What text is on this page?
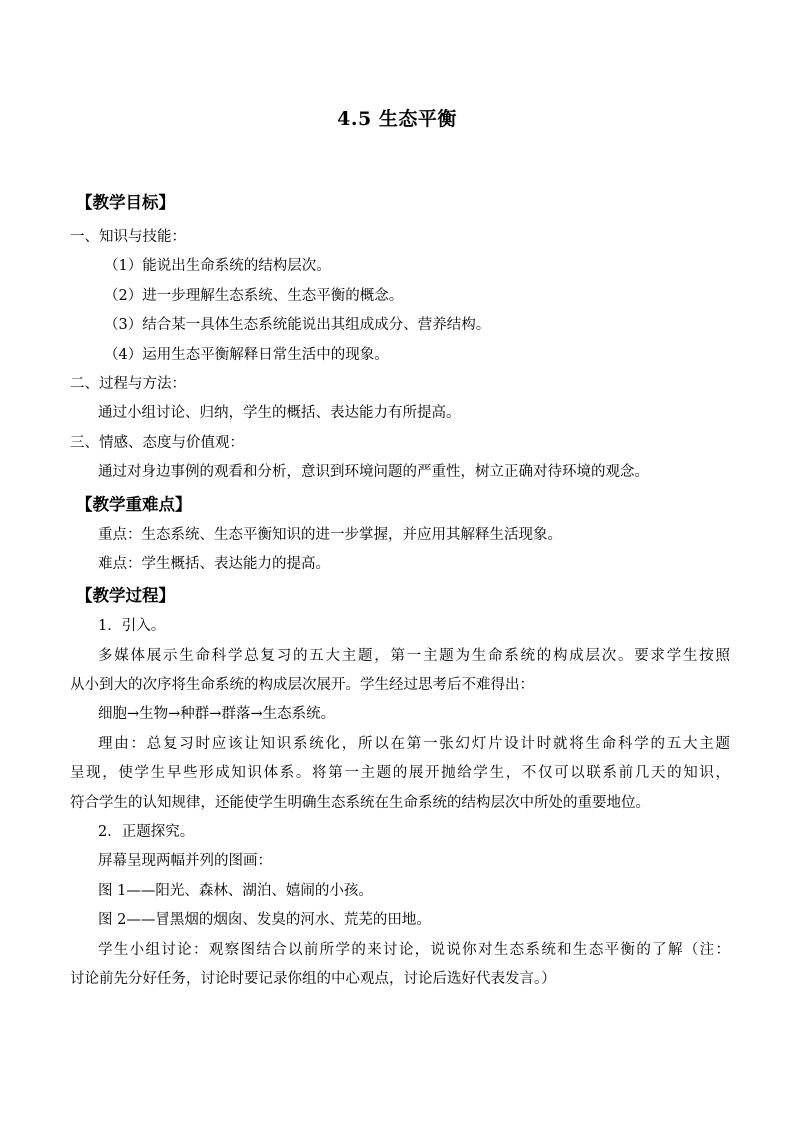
4.5 生态平衡
【教学目标】
一、知识与技能：
（1）能说出生命系统的结构层次。
（2）进一步理解生态系统、生态平衡的概念。
（3）结合某一具体生态系统能说出其组成成分、营养结构。
（4）运用生态平衡解释日常生活中的现象。
二、过程与方法：
通过小组讨论、归纳，学生的概括、表达能力有所提高。
三、情感、态度与价值观：
通过对身边事例的观看和分析，意识到环境问题的严重性，树立正确对待环境的观念。
【教学重难点】
重点：生态系统、生态平衡知识的进一步掌握，并应用其解释生活现象。
难点：学生概括、表达能力的提高。
【教学过程】
1．引入。
多媒体展示生命科学总复习的五大主题，第一主题为生命系统的构成层次。要求学生按照
从小到大的次序将生命系统的构成层次展开。学生经过思考后不难得出：
细胞→生物→种群→群落→生态系统。
理由：总复习时应该让知识系统化，所以在第一张幻灯片设计时就将生命科学的五大主题
呈现，使学生早些形成知识体系。将第一主题的展开抛给学生，不仅可以联系前几天的知识，
符合学生的认知规律，还能使学生明确生态系统在生命系统的结构层次中所处的重要地位。
2．正题探究。
屏幕呈现两幅并列的图画：
图 1——阳光、森林、湖泊、嬉闹的小孩。
图 2——冒黑烟的烟囱、发臭的河水、荒芜的田地。
学生小组讨论：观察图结合以前所学的来讨论，说说你对生态系统和生态平衡的了解（注：
讨论前先分好任务，讨论时要记录你组的中心观点，讨论后选好代表发言。）
